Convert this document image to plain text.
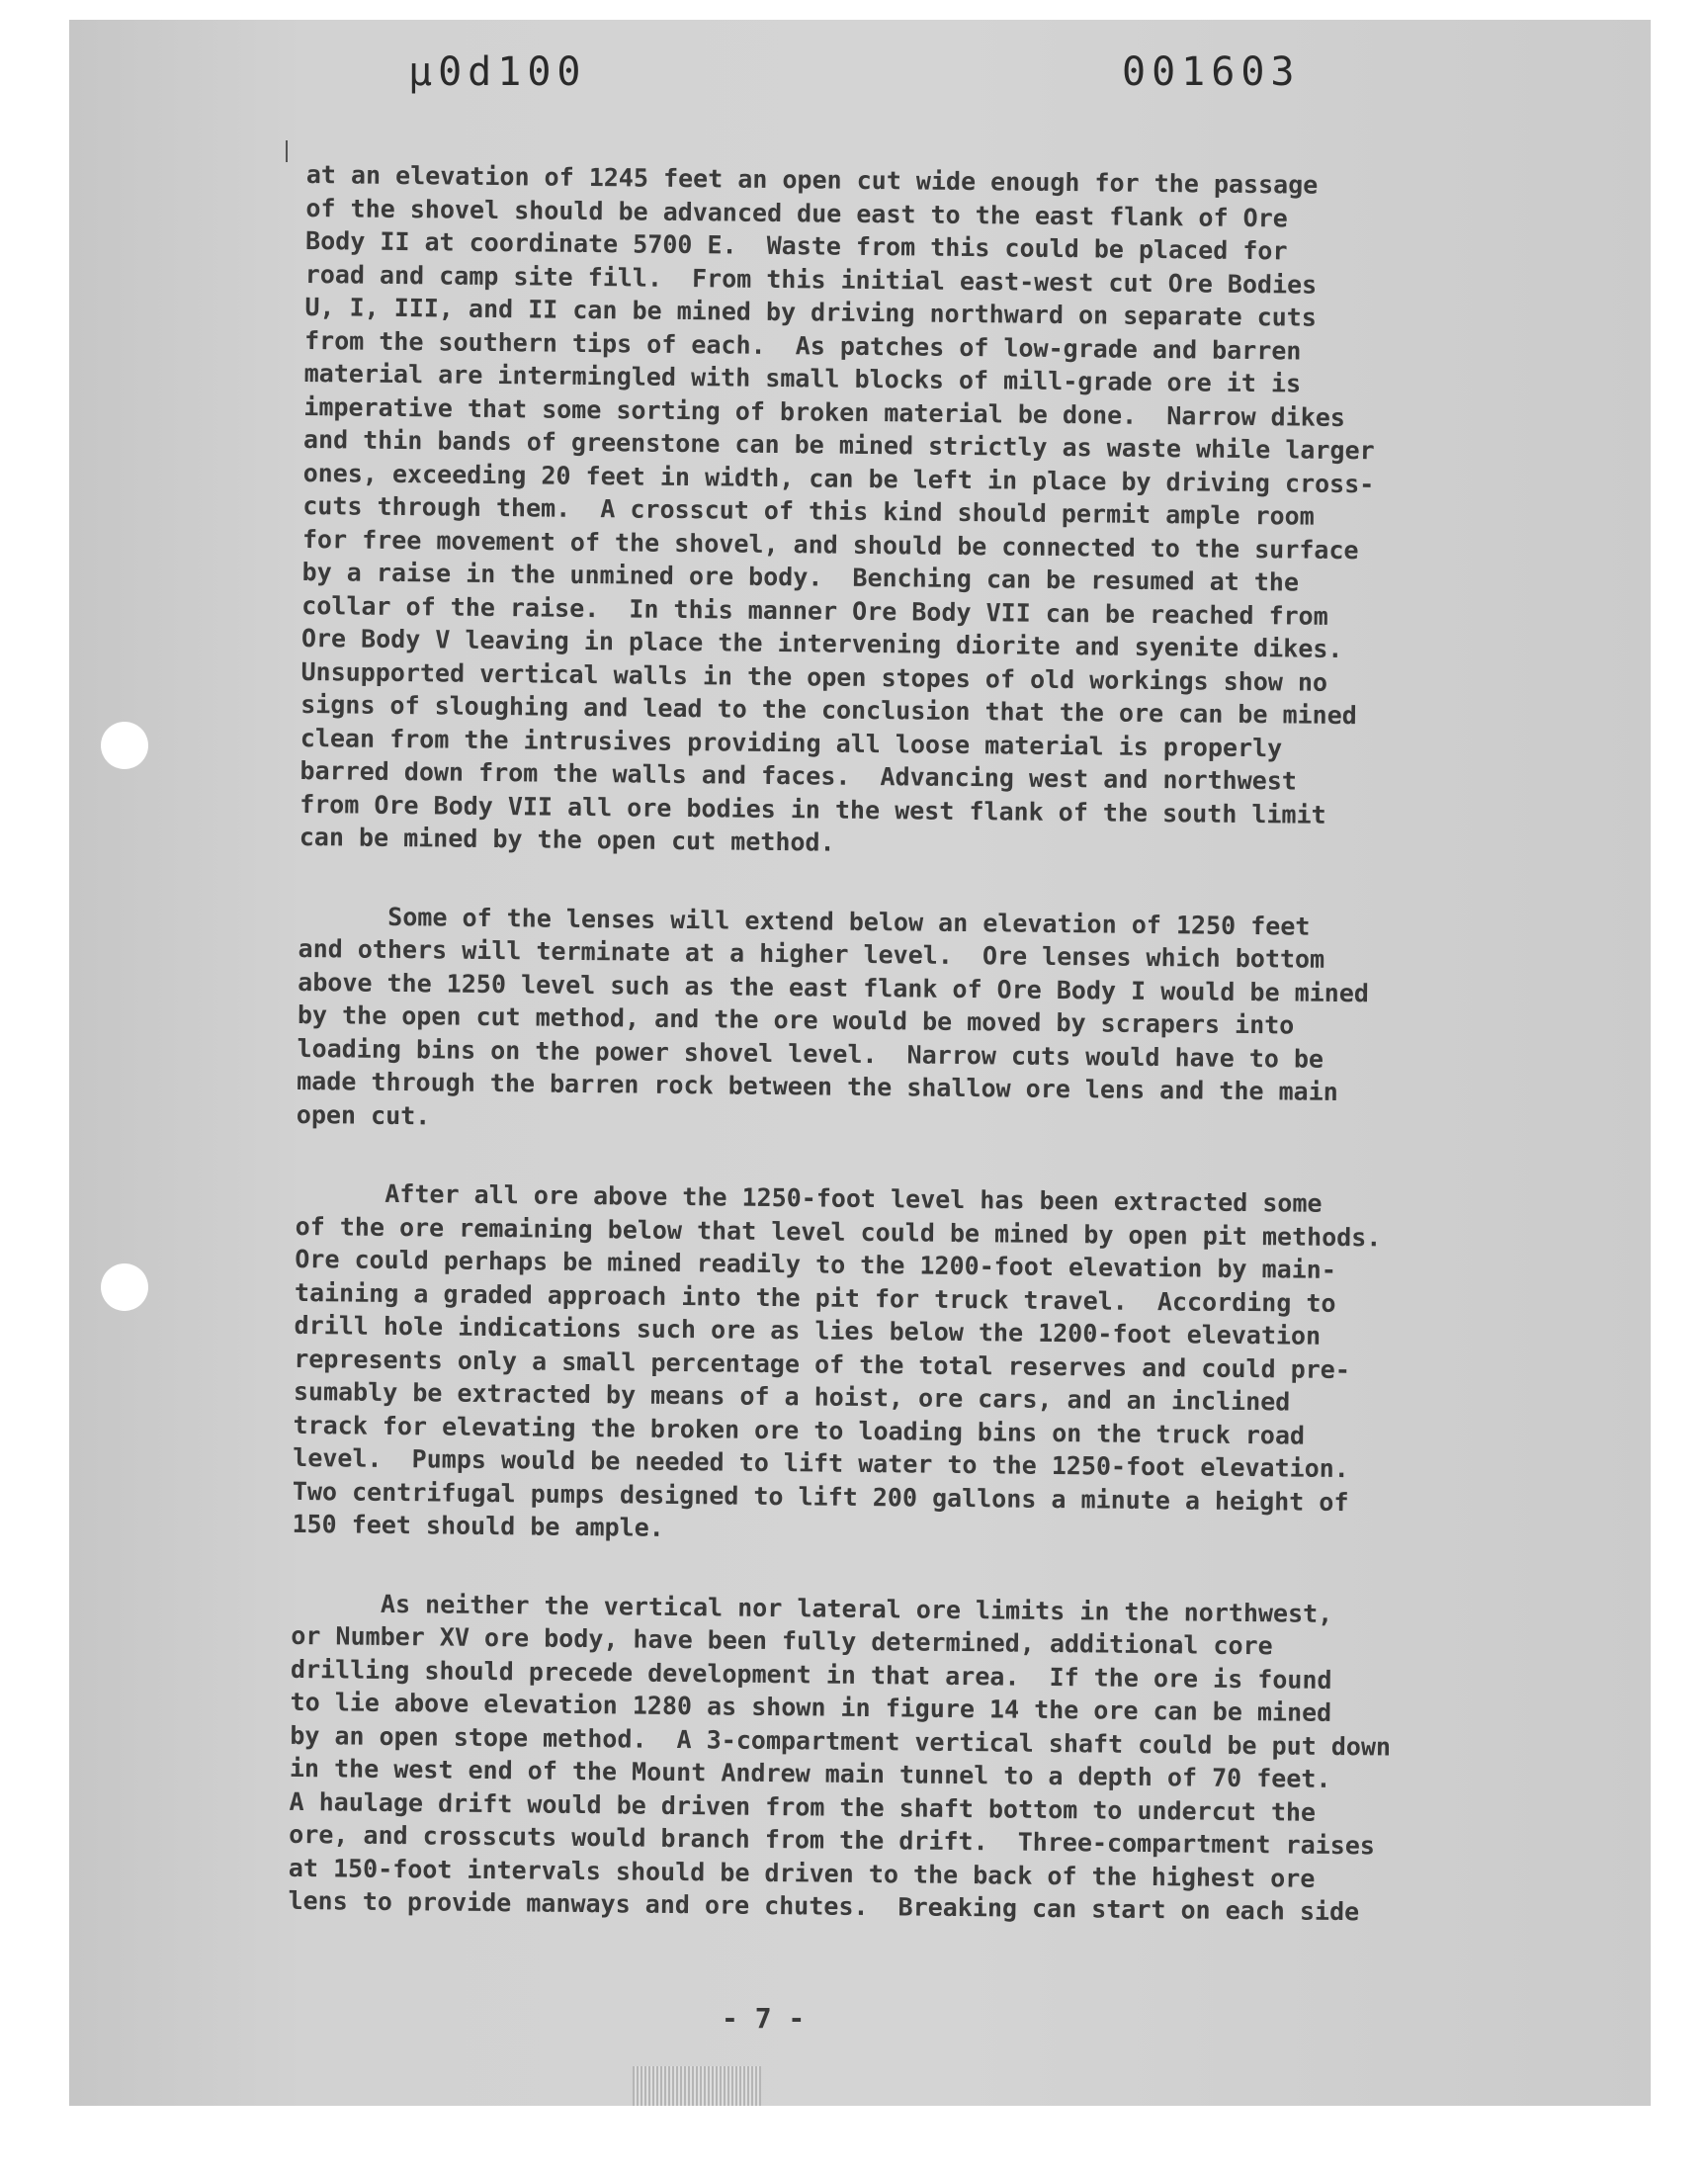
µ0d100	001603

at an elevation of 1245 feet an open cut wide enough for the passage
of the shovel should be advanced due east to the east flank of Ore
Body II at coordinate 5700 E.  Waste from this could be placed for
road and camp site fill.  From this initial east-west cut Ore Bodies
U, I, III, and II can be mined by driving northward on separate cuts
from the southern tips of each.  As patches of low-grade and barren
material are intermingled with small blocks of mill-grade ore it is
imperative that some sorting of broken material be done.  Narrow dikes
and thin bands of greenstone can be mined strictly as waste while larger
ones, exceeding 20 feet in width, can be left in place by driving cross-
cuts through them.  A crosscut of this kind should permit ample room
for free movement of the shovel, and should be connected to the surface
by a raise in the unmined ore body.  Benching can be resumed at the
collar of the raise.  In this manner Ore Body VII can be reached from
Ore Body V leaving in place the intervening diorite and syenite dikes.
Unsupported vertical walls in the open stopes of old workings show no
signs of sloughing and lead to the conclusion that the ore can be mined
clean from the intrusives providing all loose material is properly
barred down from the walls and faces.  Advancing west and northwest
from Ore Body VII all ore bodies in the west flank of the south limit
can be mined by the open cut method.

Some of the lenses will extend below an elevation of 1250 feet
and others will terminate at a higher level.  Ore lenses which bottom
above the 1250 level such as the east flank of Ore Body I would be mined
by the open cut method, and the ore would be moved by scrapers into
loading bins on the power shovel level.  Narrow cuts would have to be
made through the barren rock between the shallow ore lens and the main
open cut.

After all ore above the 1250-foot level has been extracted some
of the ore remaining below that level could be mined by open pit methods.
Ore could perhaps be mined readily to the 1200-foot elevation by main-
taining a graded approach into the pit for truck travel.  According to
drill hole indications such ore as lies below the 1200-foot elevation
represents only a small percentage of the total reserves and could pre-
sumably be extracted by means of a hoist, ore cars, and an inclined
track for elevating the broken ore to loading bins on the truck road
level.  Pumps would be needed to lift water to the 1250-foot elevation.
Two centrifugal pumps designed to lift 200 gallons a minute a height of
150 feet should be ample.

As neither the vertical nor lateral ore limits in the northwest,
or Number XV ore body, have been fully determined, additional core
drilling should precede development in that area.  If the ore is found
to lie above elevation 1280 as shown in figure 14 the ore can be mined
by an open stope method.  A 3-compartment vertical shaft could be put down
in the west end of the Mount Andrew main tunnel to a depth of 70 feet.
A haulage drift would be driven from the shaft bottom to undercut the
ore, and crosscuts would branch from the drift.  Three-compartment raises
at 150-foot intervals should be driven to the back of the highest ore
lens to provide manways and ore chutes.  Breaking can start on each side

- 7 -
